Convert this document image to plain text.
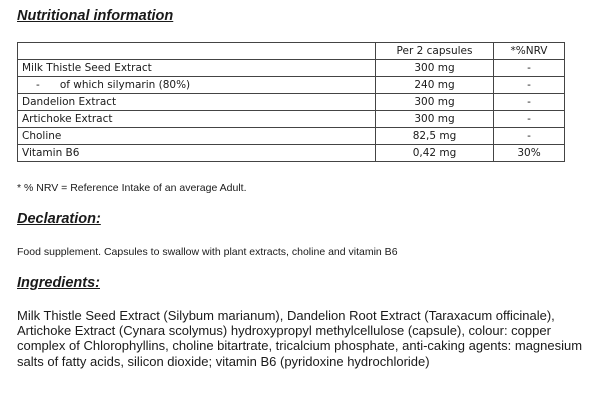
Nutritional information
	Per 2 capsules	*%NRV
Milk Thistle Seed Extract	300 mg	-
-      of which silymarin (80%)	240 mg	-
Dandelion Extract	300 mg	-
Artichoke Extract	300 mg	-
Choline	82,5 mg	-
Vitamin B6	0,42 mg	30%
* % NRV = Reference Intake of an average Adult.
Declaration:
Food supplement. Capsules to swallow with plant extracts, choline and vitamin B6
Ingredients:
Milk Thistle Seed Extract (Silybum marianum), Dandelion Root Extract (Taraxacum officinale), Artichoke Extract (Cynara scolymus) hydroxypropyl methylcellulose (capsule), colour: copper complex of Chlorophyllins, choline bitartrate, tricalcium phosphate, anti-caking agents: magnesium salts of fatty acids, silicon dioxide; vitamin B6 (pyridoxine hydrochloride)
